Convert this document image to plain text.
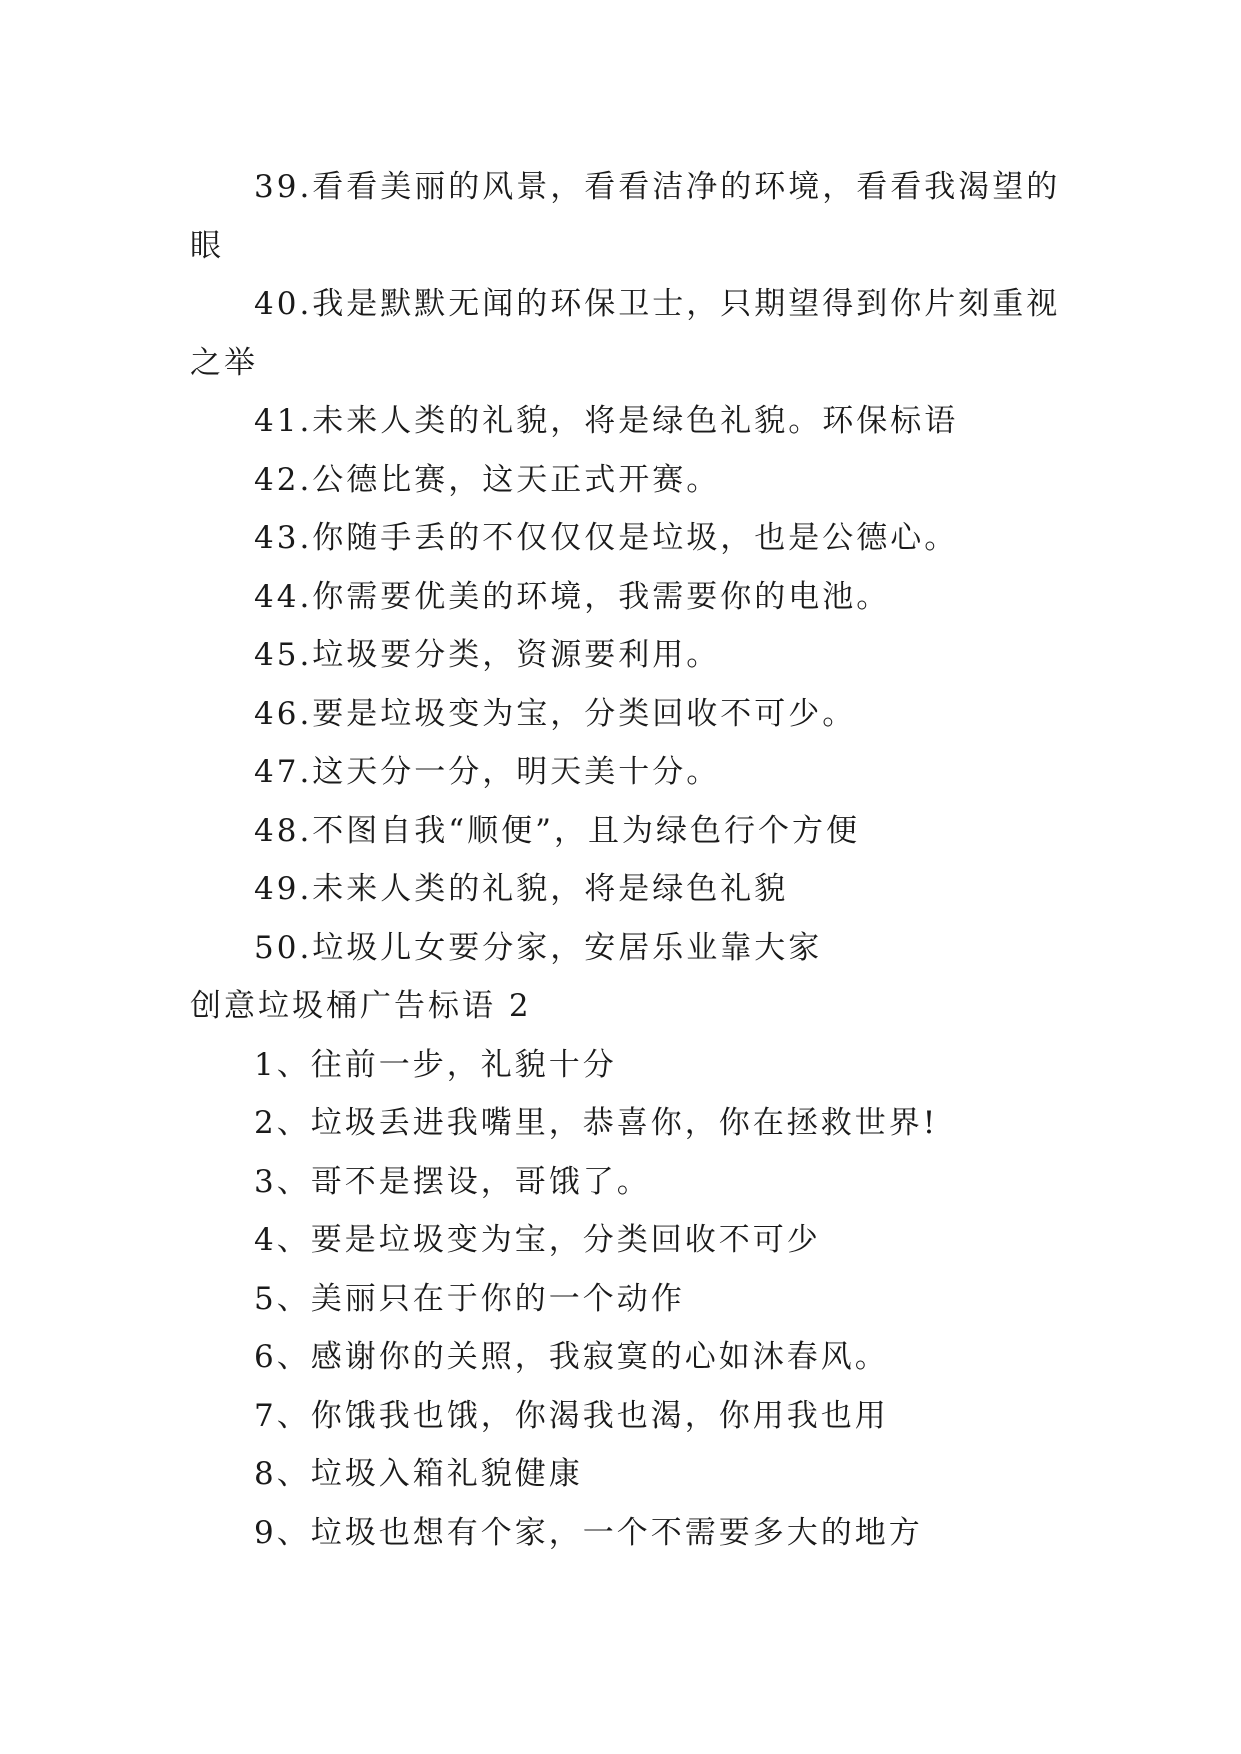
39.看看美丽的风景，看看洁净的环境，看看我渴望的
眼
40.我是默默无闻的环保卫士，只期望得到你片刻重视
之举
41.未来人类的礼貌，将是绿色礼貌。环保标语
42.公德比赛，这天正式开赛。
43.你随手丢的不仅仅仅是垃圾，也是公德心。
44.你需要优美的环境，我需要你的电池。
45.垃圾要分类，资源要利用。
46.要是垃圾变为宝，分类回收不可少。
47.这天分一分，明天美十分。
48.不图自我“顺便”，且为绿色行个方便
49.未来人类的礼貌，将是绿色礼貌
50.垃圾儿女要分家，安居乐业靠大家
创意垃圾桶广告标语 2
1、往前一步，礼貌十分
2、垃圾丢进我嘴里，恭喜你，你在拯救世界!
3、哥不是摆设，哥饿了。
4、要是垃圾变为宝，分类回收不可少
5、美丽只在于你的一个动作
6、感谢你的关照，我寂寞的心如沐春风。
7、你饿我也饿，你渴我也渴，你用我也用
8、垃圾入箱礼貌健康
9、垃圾也想有个家，一个不需要多大的地方
